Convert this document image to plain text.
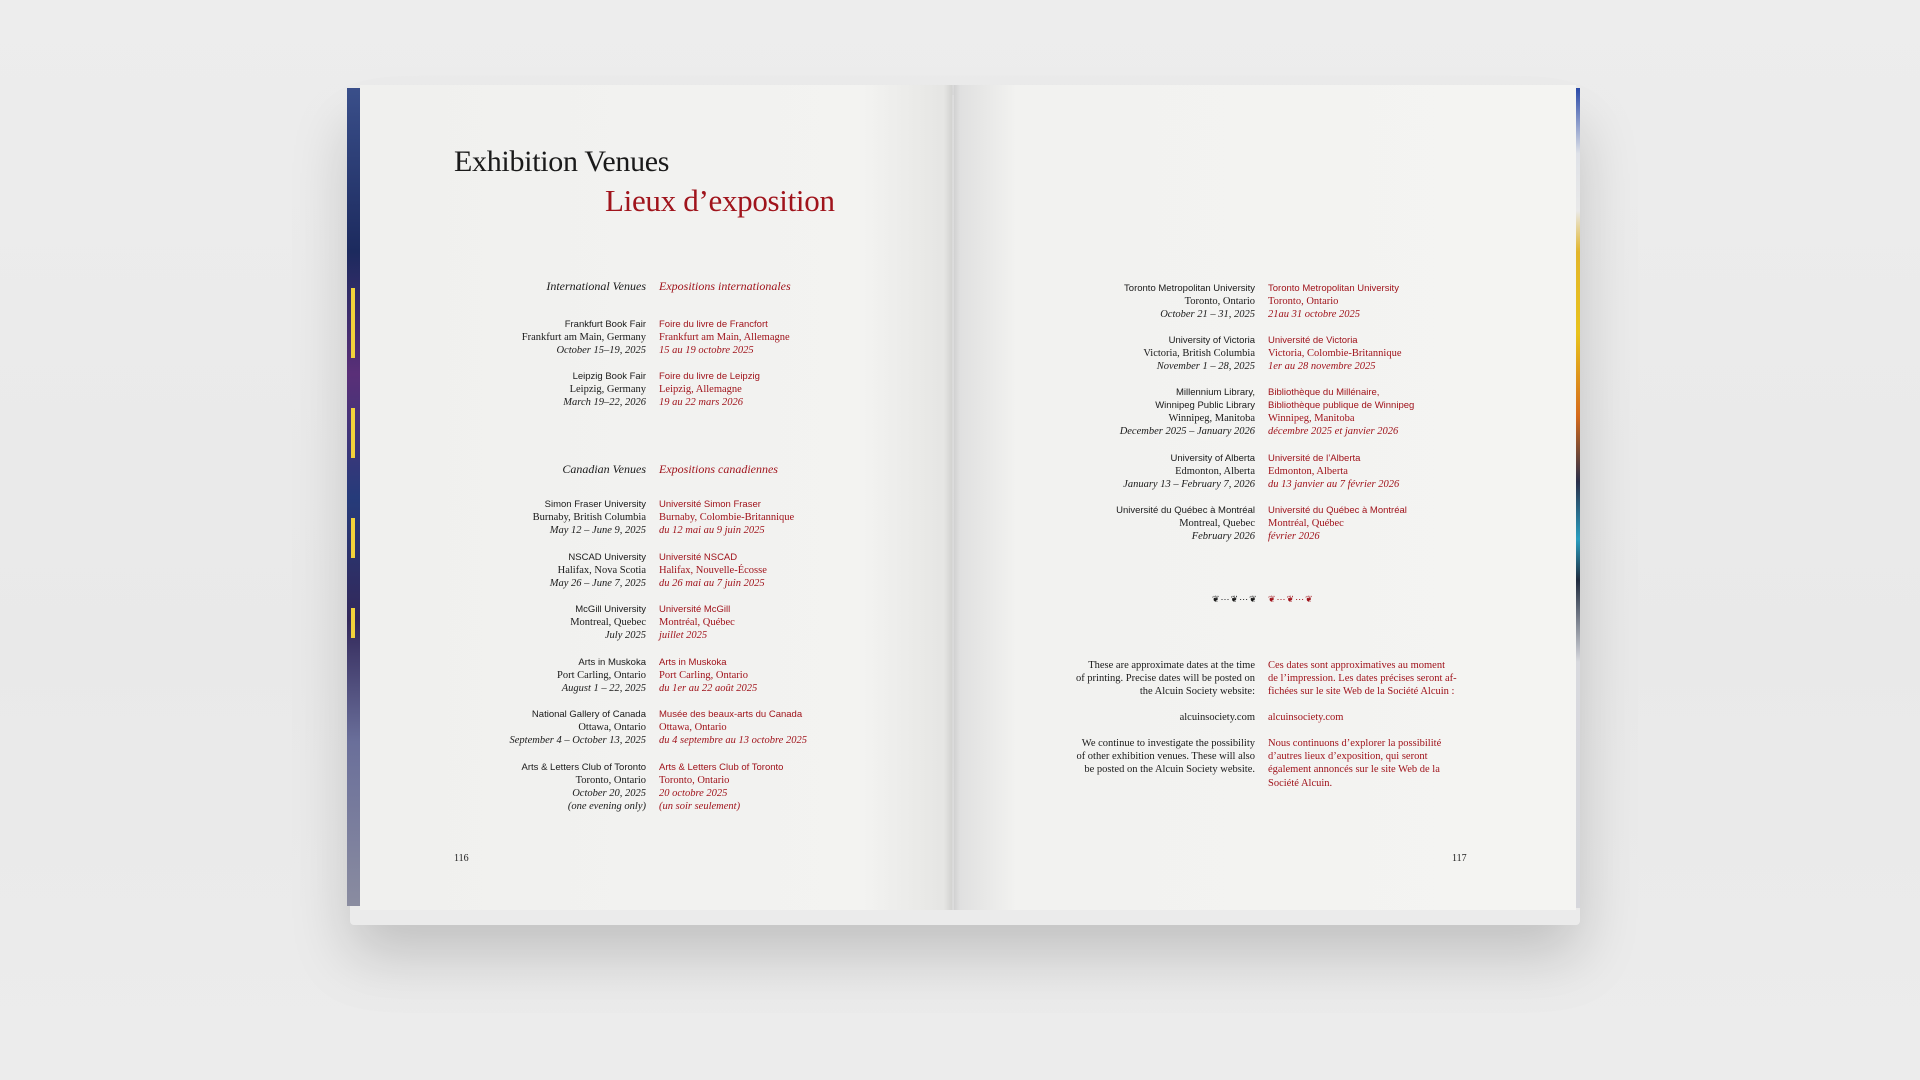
Exhibition Venues
Lieux d’exposition
International Venues
Frankfurt Book Fair
Frankfurt am Main, Germany
October 15–19, 2025
Leipzig Book Fair
Leipzig, Germany
March 19–22, 2026
Canadian Venues
Simon Fraser University
Burnaby, British Columbia
May 12 – June 9, 2025
NSCAD University
Halifax, Nova Scotia
May 26 – June 7, 2025
McGill University
Montreal, Quebec
July 2025
Arts in Muskoka
Port Carling, Ontario
August 1 – 22, 2025
National Gallery of Canada
Ottawa, Ontario
September 4 – October 13, 2025
Arts & Letters Club of Toronto
Toronto, Ontario
October 20, 2025
(one evening only)
Expositions internationales
Foire du livre de Francfort
Frankfurt am Main, Allemagne
15 au 19 octobre 2025
Foire du livre de Leipzig
Leipzig, Allemagne
19 au 22 mars 2026
Expositions canadiennes
Université Simon Fraser
Burnaby, Colombie-Britannique
du 12 mai au 9 juin 2025
Université NSCAD
Halifax, Nouvelle-Écosse
du 26 mai au 7 juin 2025
Université McGill
Montréal, Québec
juillet 2025
Arts in Muskoka
Port Carling, Ontario
du 1er au 22 août 2025
Musée des beaux-arts du Canada
Ottawa, Ontario
du 4 septembre au 13 octobre 2025
Arts & Letters Club of Toronto
Toronto, Ontario
20 octobre 2025
(un soir seulement)
Toronto Metropolitan University
Toronto, Ontario
October 21 – 31, 2025
University of Victoria
Victoria, British Columbia
November 1 – 28, 2025
Millennium Library,
Winnipeg Public Library
Winnipeg, Manitoba
December 2025 – January 2026
University of Alberta
Edmonton, Alberta
January 13 – February 7, 2026
Université du Québec à Montréal
Montreal, Quebec
February 2026
Toronto Metropolitan University
Toronto, Ontario
21au 31 octobre 2025
Université de Victoria
Victoria, Colombie-Britannique
1er au 28 novembre 2025
Bibliothèque du Millénaire,
Bibliothèque publique de Winnipeg
Winnipeg, Manitoba
décembre 2025 et janvier 2026
Université de l’Alberta
Edmonton, Alberta
du 13 janvier au 7 février 2026
Université du Québec à Montréal
Montréal, Québec
février 2026
❦⋯❦⋯❦ ❦⋯❦⋯❦
These are approximate dates at the time
of printing. Precise dates will be posted on
the Alcuin Society website:
Ces dates sont approximatives au moment
de l’impression. Les dates précises seront af-
fichées sur le site Web de la Société Alcuin :
alcuinsociety.com alcuinsociety.com
We continue to investigate the possibility
of other exhibition venues. These will also
be posted on the Alcuin Society website.
Nous continuons d’explorer la possibilité
d’autres lieux d’exposition, qui seront
également annoncés sur le site Web de la
Société Alcuin.
116	117
